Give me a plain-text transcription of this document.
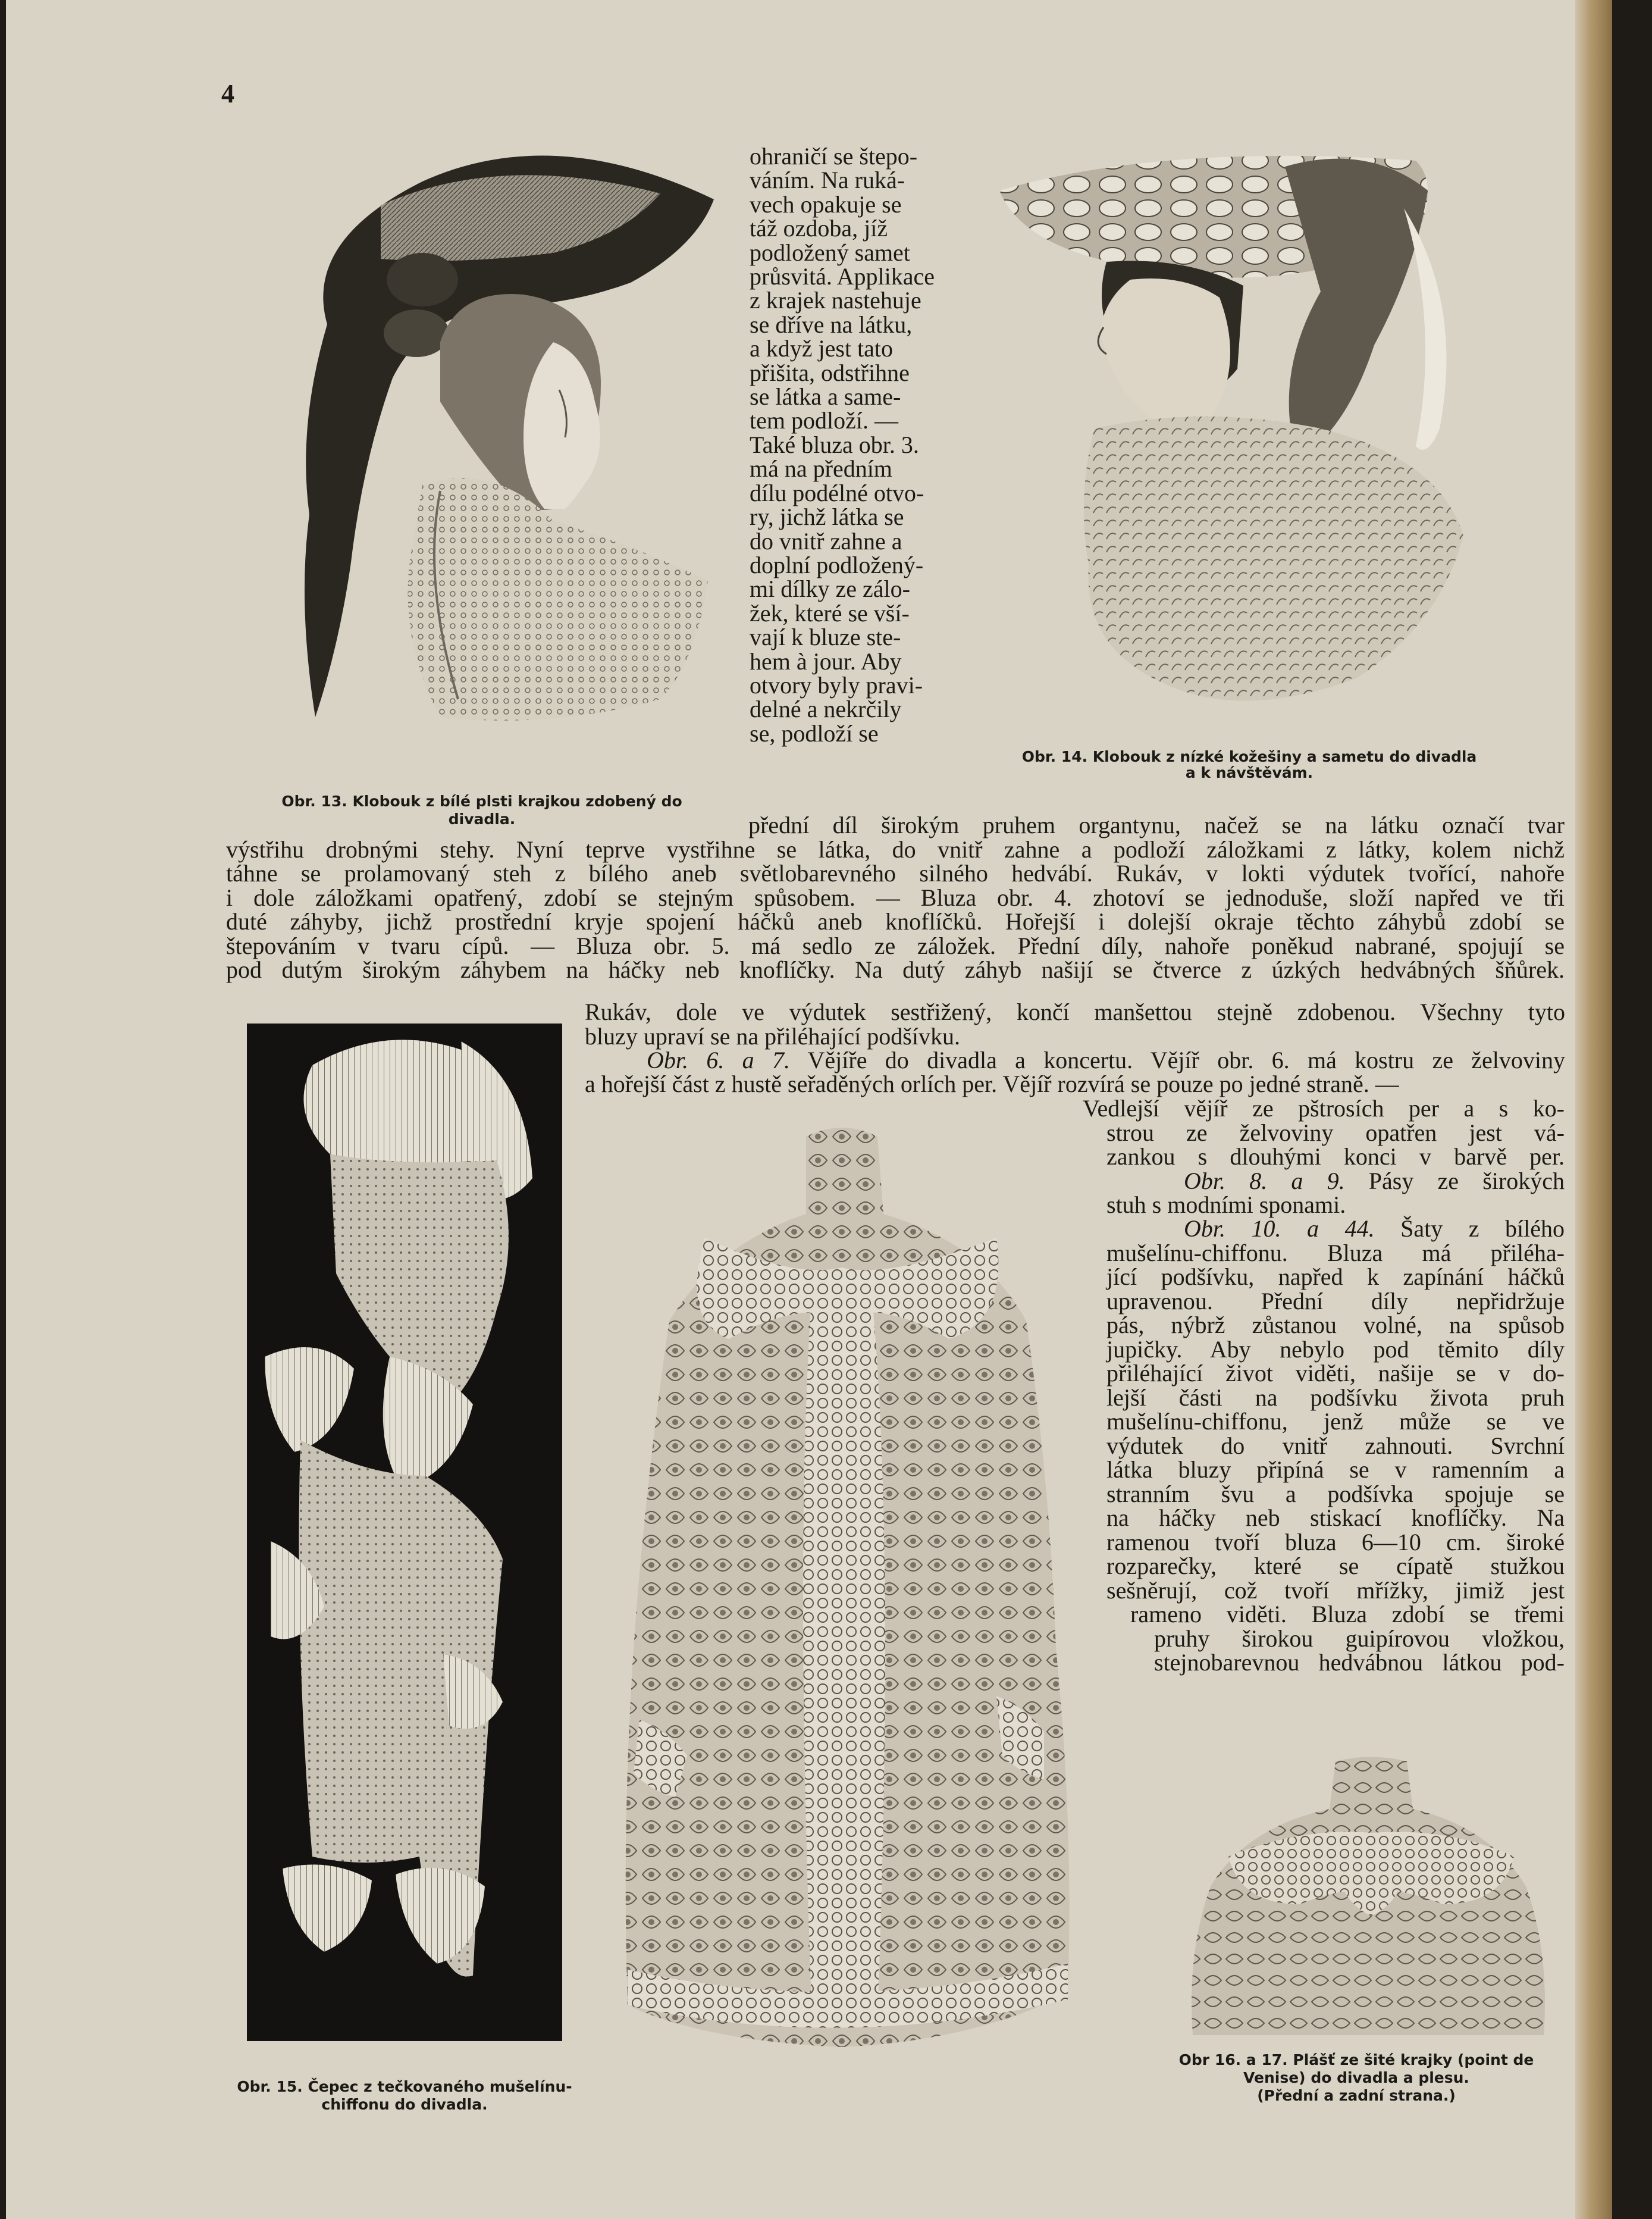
4

Obr. 13. Klobouk z bílé plsti krajkou zdobený do divadla.

ohraničí se štepo-

váním. Na ruká-

vech opakuje se

táž ozdoba, jíž

podložený samet

průsvitá. Applikace

z krajek nastehuje

se dříve na látku,

a když jest tato

přišita, odstřihne

se látka a same-

tem podloží. —

Také bluza obr. 3.

má na předním

dílu podélné otvo-

ry, jichž látka se

do vnitř zahne a

doplní podložený-

mi dílky ze zálo-

žek, které se vší-

vají k bluze ste-

hem à jour. Aby

otvory byly pravi-

delné a nekrčily

se, podloží se

Obr. 14. Klobouk z nízké kožešiny a sametu do divadla

a k návštěvám.

přední díl širokým pruhem organtynu, načež se na látku označí tvar

výstřihu drobnými stehy. Nyní teprve vystřihne se látka, do vnitř zahne a podloží záložkami z látky, kolem nichž

táhne se prolamovaný steh z bílého aneb světlobarevného silného hedvábí. Rukáv, v lokti výdutek tvořící, nahoře

i dole záložkami opatřený, zdobí se stejným spůsobem. — Bluza obr. 4. zhotoví se jednoduše, složí napřed ve tři

duté záhyby, jichž prostřední kryje spojení háčků aneb knoflíčků. Hořejší i dolejší okraje těchto záhybů zdobí se

štepováním v tvaru cípů. — Bluza obr. 5. má sedlo ze záložek. Přední díly, nahoře poněkud nabrané, spojují se

pod dutým širokým záhybem na háčky neb knoflíčky. Na dutý záhyb našijí se čtverce z úzkých hedvábných šňůrek.

Obr. 15. Čepec z tečkovaného mušelínu-

chiffonu do divadla.

Rukáv, dole ve výdutek sestřižený, končí manšettou stejně zdobenou. Všechny tyto

bluzy upraví se na přiléhající podšívku.

Obr. 6. a 7. Vějíře do divadla a koncertu. Vějíř obr. 6. má kostru ze želvoviny

a hořejší část z hustě seřaděných orlích per. Vějíř rozvírá se pouze po jedné straně. —

Vedlejší vějíř ze pštrosích per a s ko-

strou ze želvoviny opatřen jest vá-

zankou s dlouhými konci v barvě per.

Obr. 8. a 9. Pásy ze širokých

stuh s modními sponami.

Obr. 10. a 44. Šaty z bílého

mušelínu-chiffonu. Bluza má přiléha-

jící podšívku, napřed k zapínání háčků

upravenou. Přední díly nepřidržuje

pás, nýbrž zůstanou volné, na spůsob

jupičky. Aby nebylo pod těmito díly

přiléhající život viděti, našije se v do-

lejší části na podšívku života pruh

mušelínu-chiffonu, jenž může se ve

výdutek do vnitř zahnouti. Svrchní

látka bluzy připíná se v ramenním a

stranním švu a podšívka spojuje se

na háčky neb stiskací knoflíčky. Na

ramenou tvoří bluza 6—10 cm. široké

rozparečky, které se cípatě stužkou

sešněrují, což tvoří mřížky, jimiž jest

rameno viděti. Bluza zdobí se třemi

pruhy širokou guipírovou vložkou,

stejnobarevnou hedvábnou látkou pod-

Obr 16. a 17. Plášť ze šité krajky (point de

Venise) do divadla a plesu.

(Přední a zadní strana.)
